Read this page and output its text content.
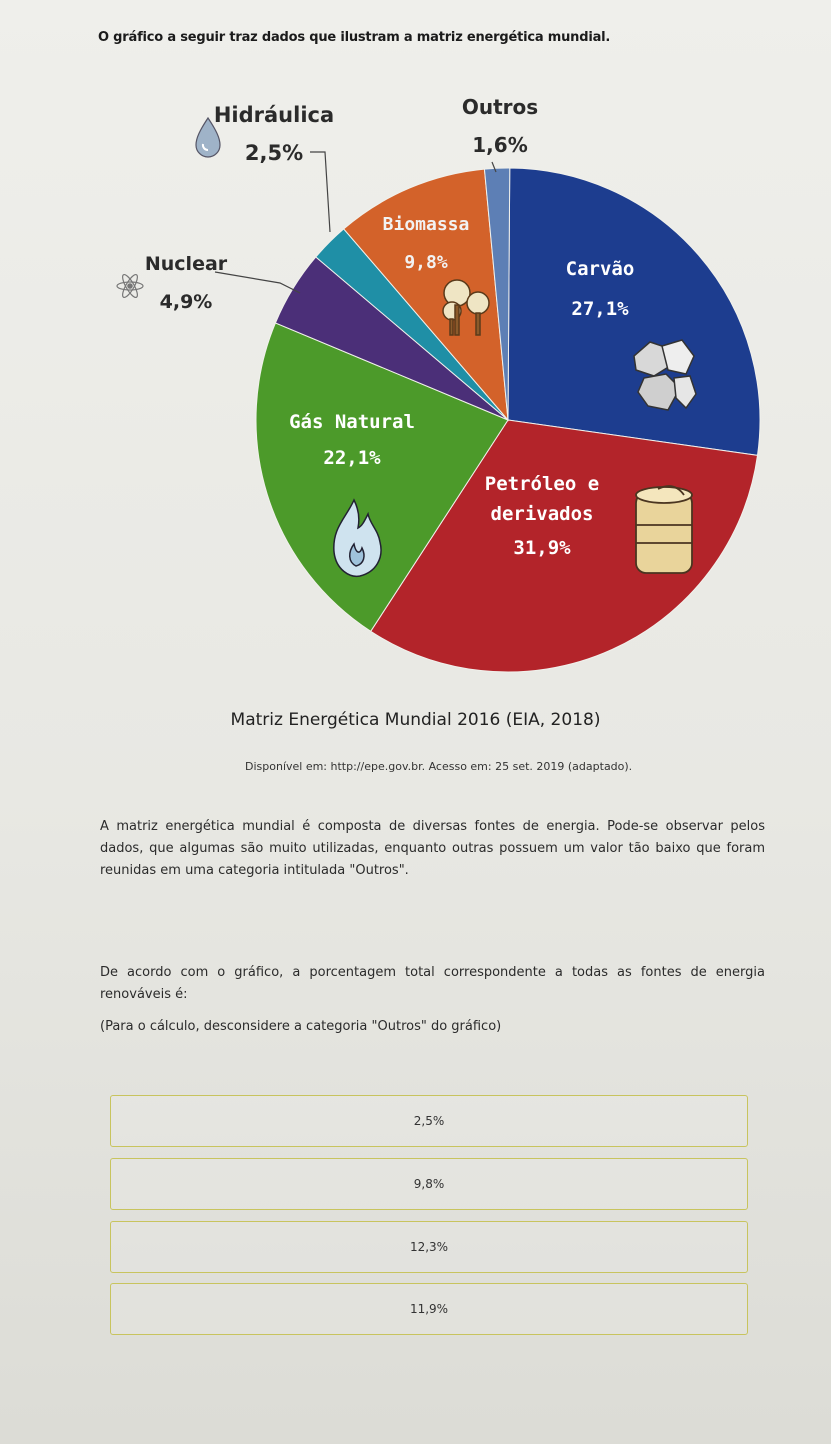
O gráfico a seguir traz dados que ilustram a matriz energética mundial.
Carvão
27,1%
Petróleo e derivados
31,9%
Gás Natural
22,1%
Nuclear
4,9%
Hidráulica
2,5%
Biomassa
9,8%
Outros
1,6%
Matriz Energética Mundial 2016 (EIA, 2018)
Disponível em: http://epe.gov.br. Acesso em: 25 set. 2019 (adaptado).
A matriz energética mundial é composta de diversas fontes de energia. Pode-se observar pelos dados, que algumas são muito utilizadas, enquanto outras possuem um valor tão baixo que foram reunidas em uma categoria intitulada "Outros".
De acordo com o gráfico, a porcentagem total correspondente a todas as fontes de energia renováveis é:
(Para o cálculo, desconsidere a categoria "Outros" do gráfico)
2,5%
9,8%
12,3%
11,9%
